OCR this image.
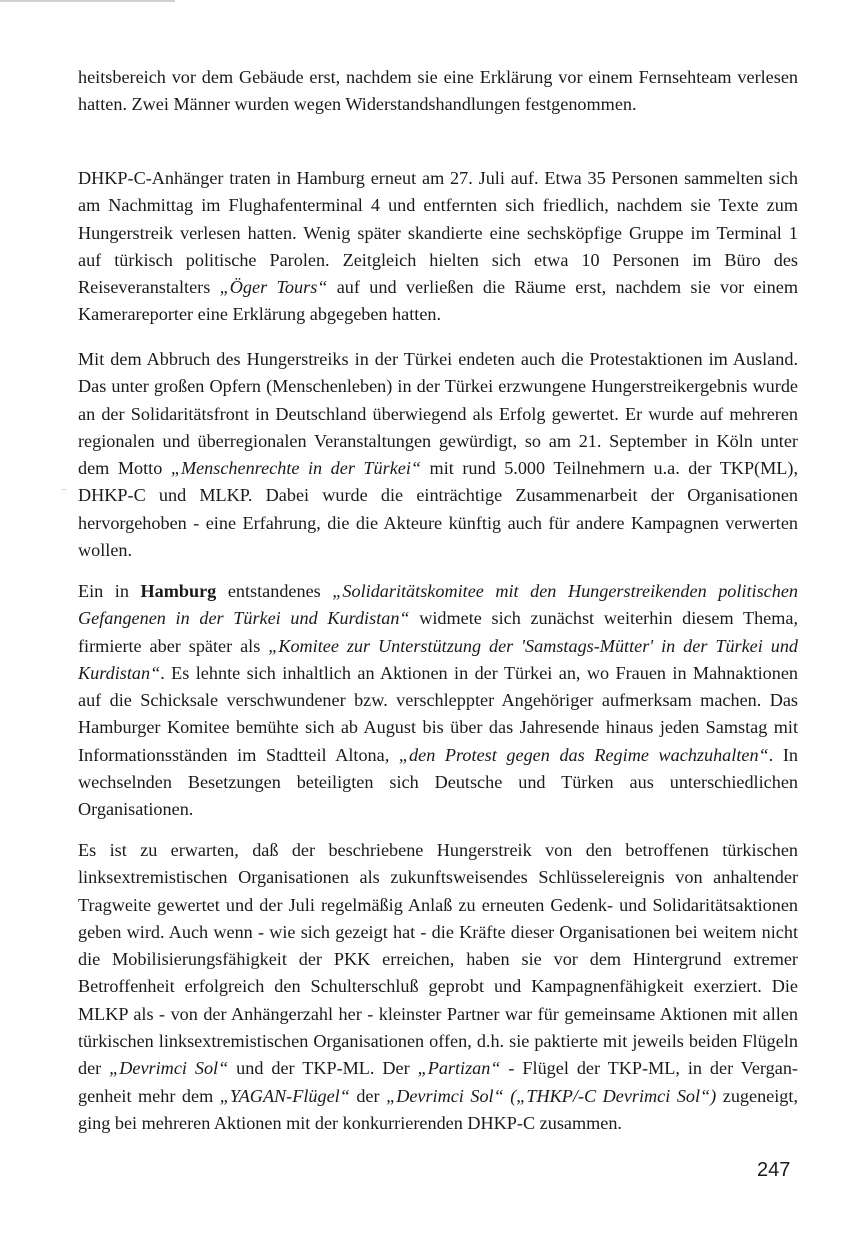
heitsbereich vor dem Gebäude erst, nachdem sie eine Erklärung vor einem Fernsehteam verlesen hatten. Zwei Männer wurden wegen Widerstandshandlungen festgenommen.

DHKP-C-Anhänger traten in Hamburg erneut am 27. Juli auf. Etwa 35 Personen sammelten sich am Nachmittag im Flughafenterminal 4 und entfernten sich friedlich, nachdem sie Texte zum Hungerstreik verlesen hatten. Wenig später skandierte eine sechsköpfige Gruppe im Terminal 1 auf türkisch politische Parolen. Zeitgleich hielten sich etwa 10 Personen im Büro des Reiseveranstalters „Öger Tours“ auf und verließen die Räume erst, nachdem sie vor einem Kamerareporter eine Erklärung abgegeben hatten.

Mit dem Abbruch des Hungerstreiks in der Türkei endeten auch die Protestaktionen im Ausland. Das unter großen Opfern (Menschenleben) in der Türkei erzwungene Hungerstreikergebnis wurde an der Solidaritätsfront in Deutschland überwiegend als Erfolg gewertet. Er wurde auf mehreren regionalen und überregionalen Veranstaltungen gewürdigt, so am 21. September in Köln unter dem Motto „Menschenrechte in der Türkei“ mit rund 5.000 Teilnehmern u.a. der TKP(ML), DHKP-C und MLKP. Dabei wurde die einträchtige Zusammenarbeit der Organisationen hervorgehoben - eine Erfahrung, die die Akteure künftig auch für andere Kampagnen verwerten wollen.

Ein in Hamburg entstandenes „Solidaritätskomitee mit den Hungerstreikenden politischen Gefangenen in der Türkei und Kurdistan“ widmete sich zunächst weiterhin diesem Thema, firmierte aber später als „Komitee zur Unterstützung der 'Samstags-Mütter' in der Türkei und Kurdistan“. Es lehnte sich inhaltlich an Aktionen in der Türkei an, wo Frauen in Mahnaktionen auf die Schicksale verschwundener bzw. verschleppter Angehöriger aufmerksam machen. Das Hamburger Komitee bemühte sich ab August bis über das Jahresende hinaus jeden Samstag mit Informationsständen im Stadtteil Altona, „den Protest gegen das Regime wachzuhalten“. In wechselnden Besetzungen beteiligten sich Deutsche und Türken aus unterschiedlichen Organisationen.

Es ist zu erwarten, daß der beschriebene Hungerstreik von den betroffenen türkischen linksextremistischen Organisationen als zukunftsweisendes Schlüsselereignis von anhaltender Tragweite gewertet und der Juli regelmäßig Anlaß zu erneuten Gedenk- und Solidaritätsaktionen geben wird. Auch wenn - wie sich gezeigt hat - die Kräfte dieser Organisationen bei weitem nicht die Mobilisierungsfähigkeit der PKK erreichen, haben sie vor dem Hintergrund extremer Betroffenheit erfolgreich den Schulterschluß geprobt und Kampagnenfähigkeit exerziert. Die MLKP als - von der Anhängerzahl her - kleinster Partner war für gemeinsame Aktionen mit allen türkischen linksextremistischen Organisationen offen, d.h. sie paktierte mit jeweils beiden Flügeln der „Devrimci Sol“ und der TKP-ML. Der „Partizan“ - Flügel der TKP-ML, in der Vergangenheit mehr dem „YAGAN-Flügel“ der „Devrimci Sol“ („THKP/-C Devrimci Sol“) zugeneigt, ging bei mehreren Aktionen mit der konkurrierenden DHKP-C zusammen.

247
